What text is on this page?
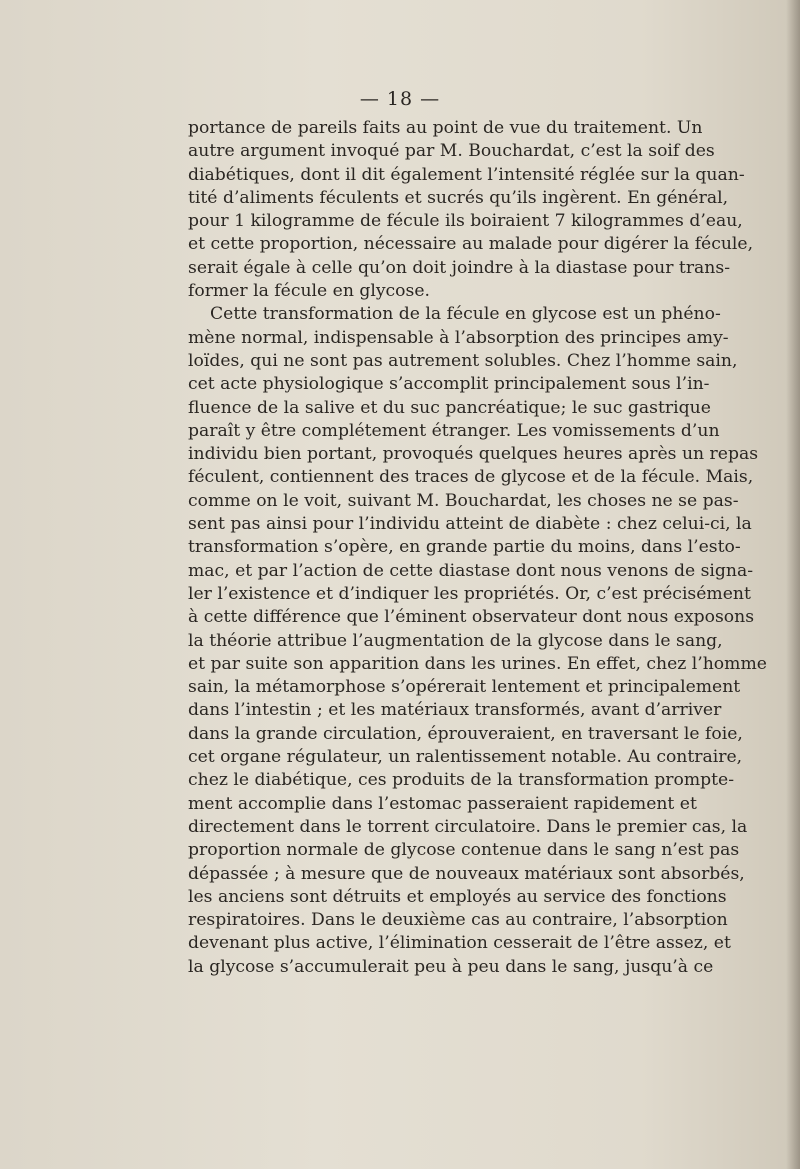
— 18 —
portance de pareils faits au point de vue du traitement. Un
autre argument invoqué par M. Bouchardat, c’est la soif des
diabétiques, dont il dit également l’intensité réglée sur la quan-
tité d’aliments féculents et sucrés qu’ils ingèrent. En général,
pour 1 kilogramme de fécule ils boiraient 7 kilogrammes d’eau,
et cette proportion, nécessaire au malade pour digérer la fécule,
serait égale à celle qu’on doit joindre à la diastase pour trans-
former la fécule en glycose.
Cette transformation de la fécule en glycose est un phéno-
mène normal, indispensable à l’absorption des principes amy-
loïdes, qui ne sont pas autrement solubles. Chez l’homme sain,
cet acte physiologique s’accomplit principalement sous l’in-
fluence de la salive et du suc pancréatique; le suc gastrique
paraît y être complétement étranger. Les vomissements d’un
individu bien portant, provoqués quelques heures après un repas
féculent, contiennent des traces de glycose et de la fécule. Mais,
comme on le voit, suivant M. Bouchardat, les choses ne se pas-
sent pas ainsi pour l’individu atteint de diabète : chez celui-ci, la
transformation s’opère, en grande partie du moins, dans l’esto-
mac, et par l’action de cette diastase dont nous venons de signa-
ler l’existence et d’indiquer les propriétés. Or, c’est précisément
à cette différence que l’éminent observateur dont nous exposons
la théorie attribue l’augmentation de la glycose dans le sang,
et par suite son apparition dans les urines. En effet, chez l’homme
sain, la métamorphose s’opérerait lentement et principalement
dans l’intestin ; et les matériaux transformés, avant d’arriver
dans la grande circulation, éprouveraient, en traversant le foie,
cet organe régulateur, un ralentissement notable. Au contraire,
chez le diabétique, ces produits de la transformation prompte-
ment accomplie dans l’estomac passeraient rapidement et
directement dans le torrent circulatoire. Dans le premier cas, la
proportion normale de glycose contenue dans le sang n’est pas
dépassée ; à mesure que de nouveaux matériaux sont absorbés,
les anciens sont détruits et employés au service des fonctions
respiratoires. Dans le deuxième cas au contraire, l’absorption
devenant plus active, l’élimination cesserait de l’être assez, et
la glycose s’accumulerait peu à peu dans le sang, jusqu’à ce
